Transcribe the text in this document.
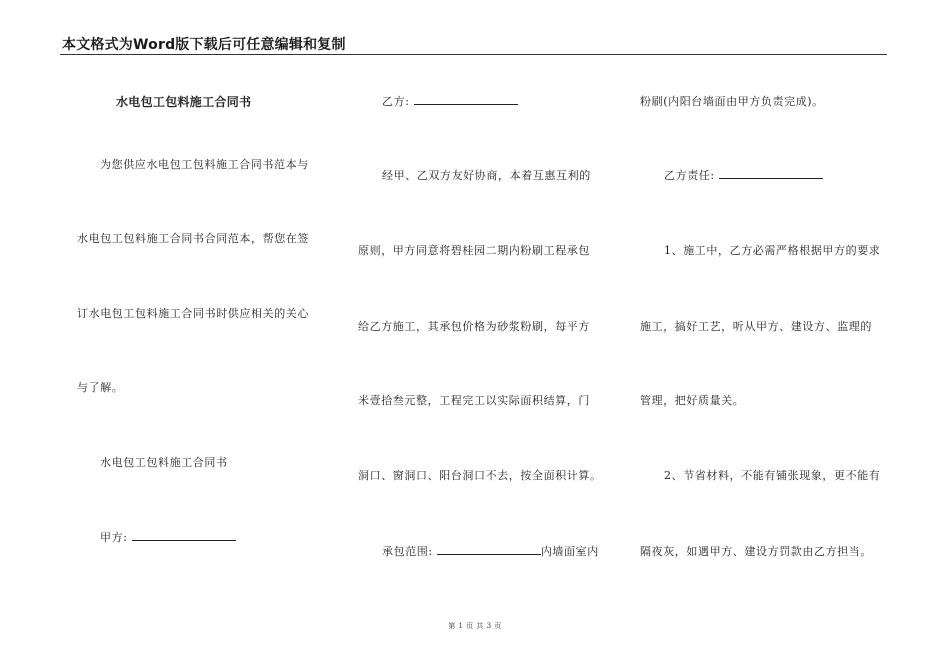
本文格式为Word版下载后可任意编辑和复制
水电包工包料施工合同书
为您供应水电包工包料施工合同书范本与
水电包工包料施工合同书合同范本，帮您在签
订水电包工包料施工合同书时供应相关的关心
与了解。
水电包工包料施工合同书
甲方:
乙方:
经甲、乙双方友好协商，本着互惠互利的
原则，甲方同意将碧桂园二期内粉刷工程承包
给乙方施工，其承包价格为砂浆粉刷，每平方
米壹拾叁元整，工程完工以实际面积结算，门
洞口、窗洞口、阳台洞口不去，按全面积计算。
承包范围:	内墙面室内
粉刷(内阳台墙面由甲方负责完成)。
乙方责任:
1、施工中，乙方必需严格根据甲方的要求
施工，搞好工艺，听从甲方、建设方、监理的
管理，把好质量关。
2、节省材料，不能有铺张现象，更不能有
隔夜灰，如遇甲方、建设方罚款由乙方担当。
第 1 页 共 3 页
